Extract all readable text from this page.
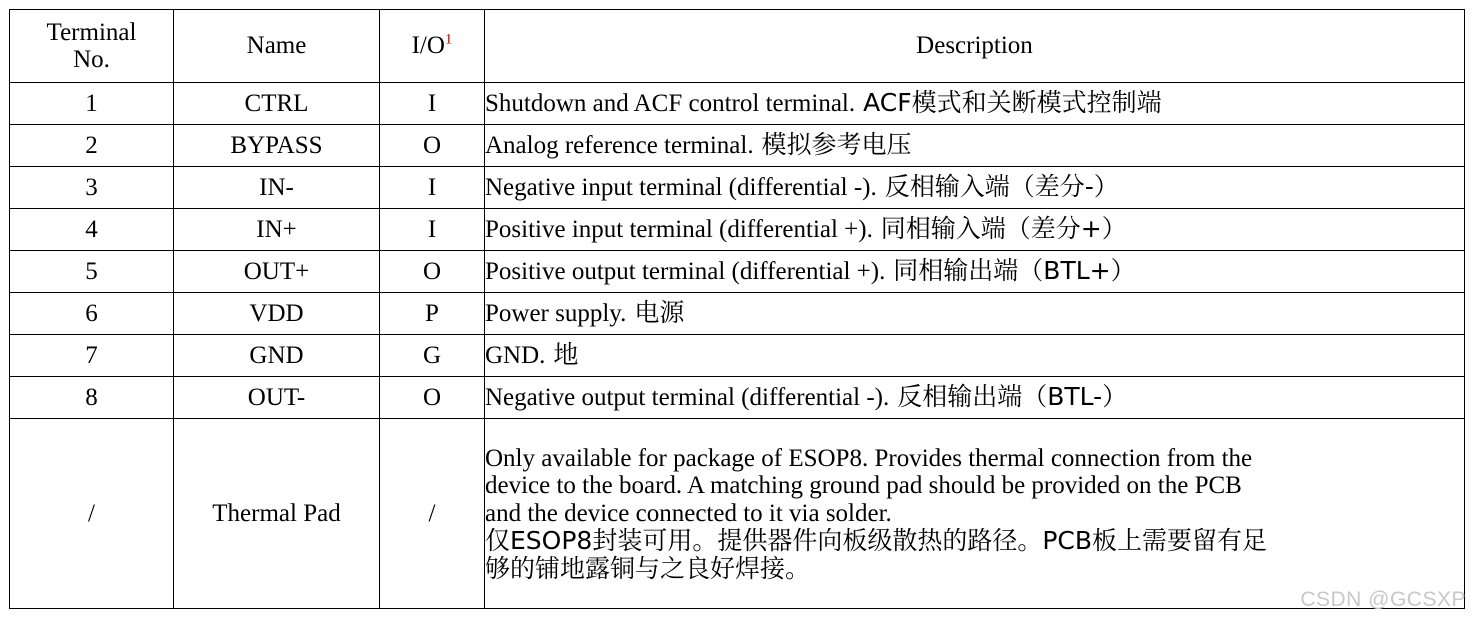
Terminal No.	Name	$I/O^1$	Description
1	CTRL	I	Shutdown and ACF control terminal. ACF模式和关断模式控制端
2	BYPASS	O	Analog reference terminal. 模拟参考电压
3	IN-	I	Negative input terminal (differential -). 反相输入端（差分-）
4	IN+	I	Positive input terminal (differential +). 同相输入端（差分+）
5	OUT+	O	Positive output terminal (differential +). 同相输出端（BTL+）
6	VDD	P	Power supply. 电源
7	GND	G	GND. 地
8	OUT-	O	Negative output terminal (differential -). 反相输出端（BTL-）
/	Thermal Pad	/	Only available for package of ESOP8. Provides thermal connection from the
device to the board. A matching ground pad should be provided on the PCB
and the device connected to it via solder.
仅ESOP8封装可用。提供器件向板级散热的路径。PCB板上需要留有足
够的铺地露铜与之良好焊接。
CSDN @GCSXP
